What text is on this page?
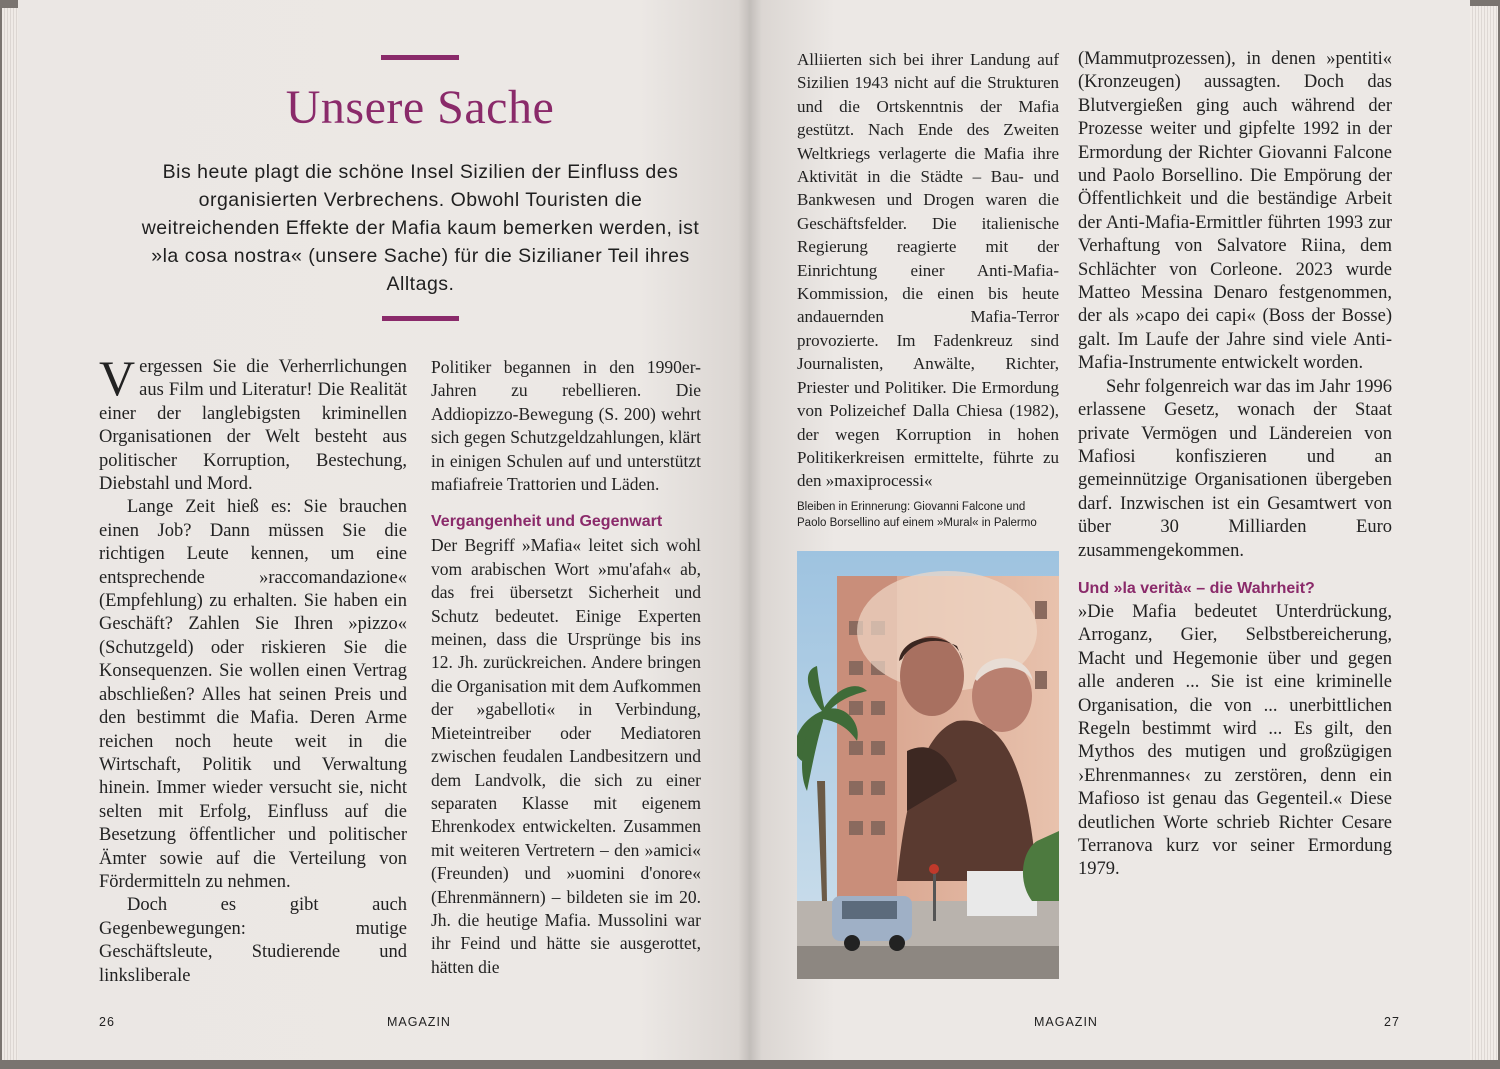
Unsere Sache
Bis heute plagt die schöne Insel Sizilien der Einfluss des organisierten Verbrechens. Obwohl Touristen die weitreichenden Effekte der Mafia kaum bemerken werden, ist »la cosa nostra« (unsere Sache) für die Sizilianer Teil ihres Alltags.

Vergessen Sie die Verherrlichungen aus Film und Literatur! Die Realität einer der langlebigsten kriminellen Organisationen der Welt besteht aus politischer Korruption, Bestechung, Diebstahl und Mord.

Lange Zeit hieß es: Sie brauchen einen Job? Dann müssen Sie die richtigen Leute kennen, um eine entsprechende »raccomandazione« (Empfehlung) zu erhalten. Sie haben ein Geschäft? Zahlen Sie Ihren »pizzo« (Schutzgeld) oder riskieren Sie die Konsequenzen. Sie wollen einen Vertrag abschließen? Alles hat seinen Preis und den bestimmt die Mafia. Deren Arme reichen noch heute weit in die Wirtschaft, Politik und Verwaltung hinein. Immer wieder versucht sie, nicht selten mit Erfolg, Einfluss auf die Besetzung öffentlicher und politischer Ämter sowie auf die Verteilung von Fördermitteln zu nehmen.

Doch es gibt auch Gegenbewegungen: mutige Geschäftsleute, Studierende und linksliberale

Politiker begannen in den 1990er-Jahren zu rebellieren. Die Addiopizzo-Bewegung (S. 200) wehrt sich gegen Schutzgeldzahlungen, klärt in einigen Schulen auf und unterstützt mafiafreie Trattorien und Läden.

Vergangenheit und Gegenwart

Der Begriff »Mafia« leitet sich wohl vom arabischen Wort »mu'afah« ab, das frei übersetzt Sicherheit und Schutz bedeutet. Einige Experten meinen, dass die Ursprünge bis ins 12. Jh. zurückreichen. Andere bringen die Organisation mit dem Aufkommen der »gabelloti« in Verbindung, Mieteintreiber oder Mediatoren zwischen feudalen Landbesitzern und dem Landvolk, die sich zu einer separaten Klasse mit eigenem Ehrenkodex entwickelten. Zusammen mit weiteren Vertretern – den »amici« (Freunden) und »uomini d'onore« (Ehrenmännern) – bildeten sie im 20. Jh. die heutige Mafia. Mussolini war ihr Feind und hätte sie ausgerottet, hätten die

26	MAGAZIN

Alliierten sich bei ihrer Landung auf Sizilien 1943 nicht auf die Strukturen und die Ortskenntnis der Mafia gestützt. Nach Ende des Zweiten Weltkriegs verlagerte die Mafia ihre Aktivität in die Städte – Bau- und Bankwesen und Drogen waren die Geschäftsfelder. Die italienische Regierung reagierte mit der Einrichtung einer Anti-Mafia-Kommission, die einen bis heute andauernden Mafia-Terror provozierte. Im Fadenkreuz sind Journalisten, Anwälte, Richter, Priester und Politiker. Die Ermordung von Polizeichef Dalla Chiesa (1982), der wegen Korruption in hohen Politikerkreisen ermittelte, führte zu den »maxiprocessi«

Bleiben in Erinnerung: Giovanni Falcone und Paolo Borsellino auf einem »Mural« in Palermo

(Mammutprozessen), in denen »pentiti« (Kronzeugen) aussagten. Doch das Blutvergießen ging auch während der Prozesse weiter und gipfelte 1992 in der Ermordung der Richter Giovanni Falcone und Paolo Borsellino. Die Empörung der Öffentlichkeit und die beständige Arbeit der Anti-Mafia-Ermittler führten 1993 zur Verhaftung von Salvatore Riina, dem Schlächter von Corleone. 2023 wurde Matteo Messina Denaro festgenommen, der als »capo dei capi« (Boss der Bosse) galt. Im Laufe der Jahre sind viele Anti-Mafia-Instrumente entwickelt worden.

Sehr folgenreich war das im Jahr 1996 erlassene Gesetz, wonach der Staat private Vermögen und Ländereien von Mafiosi konfiszieren und an gemeinnützige Organisationen übergeben darf. Inzwischen ist ein Gesamtwert von über 30 Milliarden Euro zusammengekommen.

Und »la verità« – die Wahrheit?

»Die Mafia bedeutet Unterdrückung, Arroganz, Gier, Selbstbereicherung, Macht und Hegemonie über und gegen alle anderen ... Sie ist eine kriminelle Organisation, die von ... unerbittlichen Regeln bestimmt wird ... Es gilt, den Mythos des mutigen und großzügigen ›Ehrenmannes‹ zu zerstören, denn ein Mafioso ist genau das Gegenteil.« Diese deutlichen Worte schrieb Richter Cesare Terranova kurz vor seiner Ermordung 1979.

MAGAZIN	27
